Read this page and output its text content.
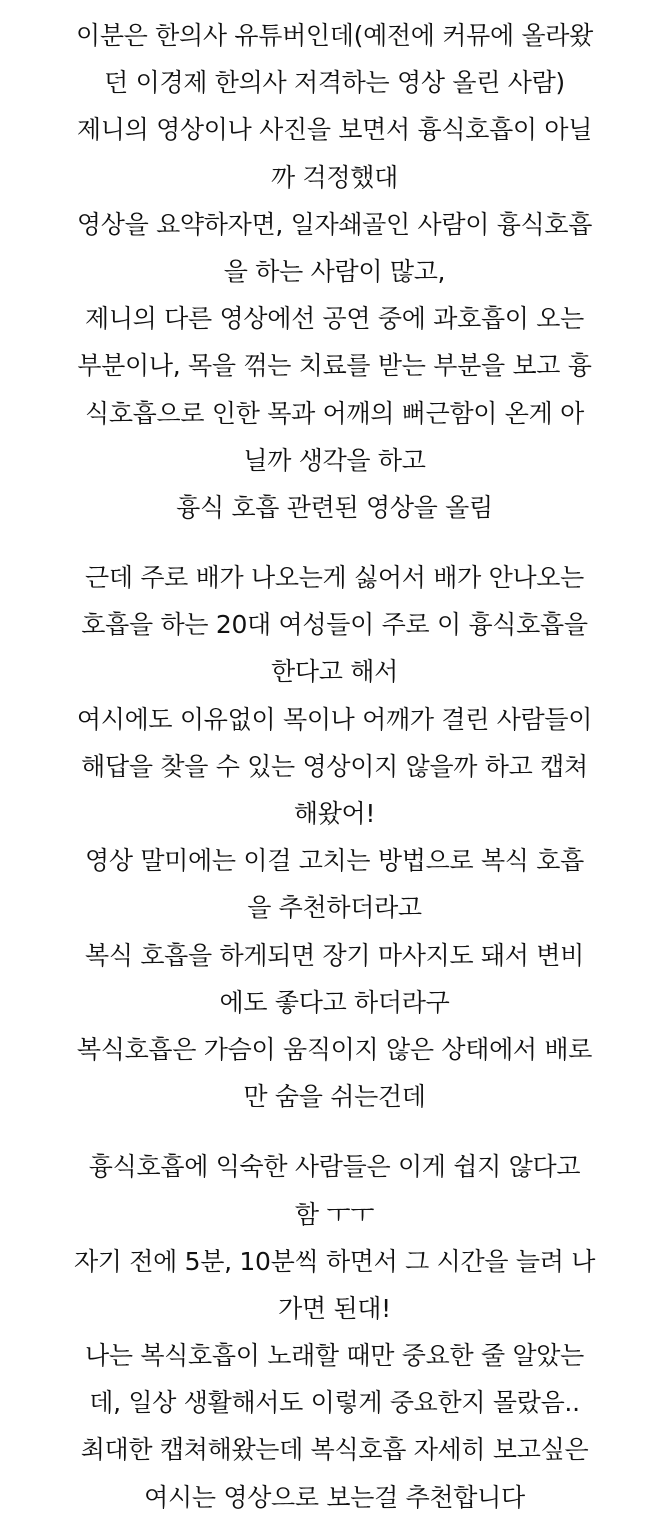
이분은 한의사 유튜버인데(예전에 커뮤에 올라왔
던 이경제 한의사 저격하는 영상 올린 사람)
제니의 영상이나 사진을 보면서 흉식호흡이 아닐
까 걱정했대
영상을 요약하자면, 일자쇄골인 사람이 흉식호흡
을 하는 사람이 많고,
제니의 다른 영상에선 공연 중에 과호흡이 오는
부분이나, 목을 꺾는 치료를 받는 부분을 보고 흉
식호흡으로 인한 목과 어깨의 뻐근함이 온게 아
닐까 생각을 하고
흉식 호흡 관련된 영상을 올림
근데 주로 배가 나오는게 싫어서 배가 안나오는
호흡을 하는 20대 여성들이 주로 이 흉식호흡을
한다고 해서
여시에도 이유없이 목이나 어깨가 결린 사람들이
해답을 찾을 수 있는 영상이지 않을까 하고 캡쳐
해왔어!
영상 말미에는 이걸 고치는 방법으로 복식 호흡
을 추천하더라고
복식 호흡을 하게되면 장기 마사지도 돼서 변비
에도 좋다고 하더라구
복식호흡은 가슴이 움직이지 않은 상태에서 배로
만 숨을 쉬는건데
흉식호흡에 익숙한 사람들은 이게 쉽지 않다고
함 ㅜㅜ
자기 전에 5분, 10분씩 하면서 그 시간을 늘려 나
가면 된대!
나는 복식호흡이 노래할 때만 중요한 줄 알았는
데, 일상 생활해서도 이렇게 중요한지 몰랐음..
최대한 캡쳐해왔는데 복식호흡 자세히 보고싶은
여시는 영상으로 보는걸 추천합니다
